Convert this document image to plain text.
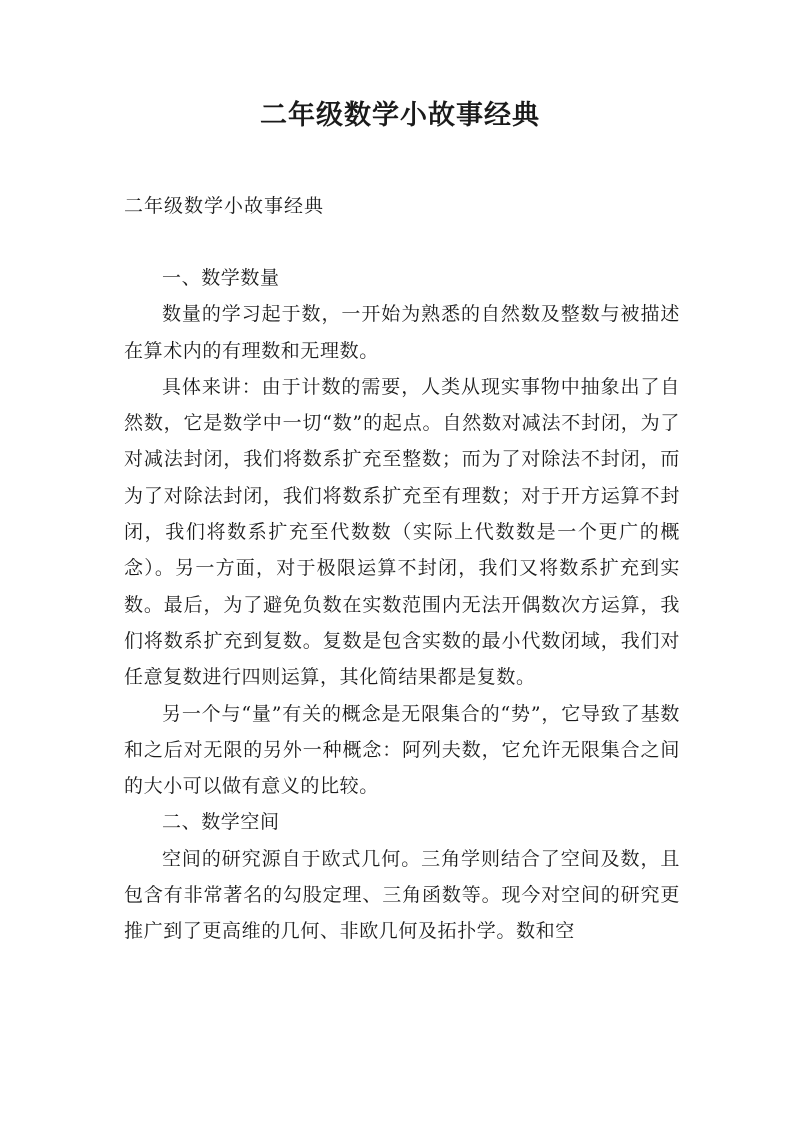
二年级数学小故事经典
二年级数学小故事经典

一、数学数量

数量的学习起于数，一开始为熟悉的自然数及整数与被描述在算术内的有理数和无理数。

具体来讲：由于计数的需要，人类从现实事物中抽象出了自然数，它是数学中一切“数”的起点。自然数对减法不封闭，为了对减法封闭，我们将数系扩充至整数；而为了对除法不封闭，而为了对除法封闭，我们将数系扩充至有理数；对于开方运算不封闭，我们将数系扩充至代数数（实际上代数数是一个更广的概念）。另一方面，对于极限运算不封闭，我们又将数系扩充到实数。最后，为了避免负数在实数范围内无法开偶数次方运算，我们将数系扩充到复数。复数是包含实数的最小代数闭域，我们对任意复数进行四则运算，其化简结果都是复数。

另一个与“量”有关的概念是无限集合的“势”，它导致了基数和之后对无限的另外一种概念：阿列夫数，它允许无限集合之间的大小可以做有意义的比较。

二、数学空间

空间的研究源自于欧式几何。三角学则结合了空间及数，且包含有非常著名的勾股定理、三角函数等。现今对空间的研究更推广到了更高维的几何、非欧几何及拓扑学。数和空
